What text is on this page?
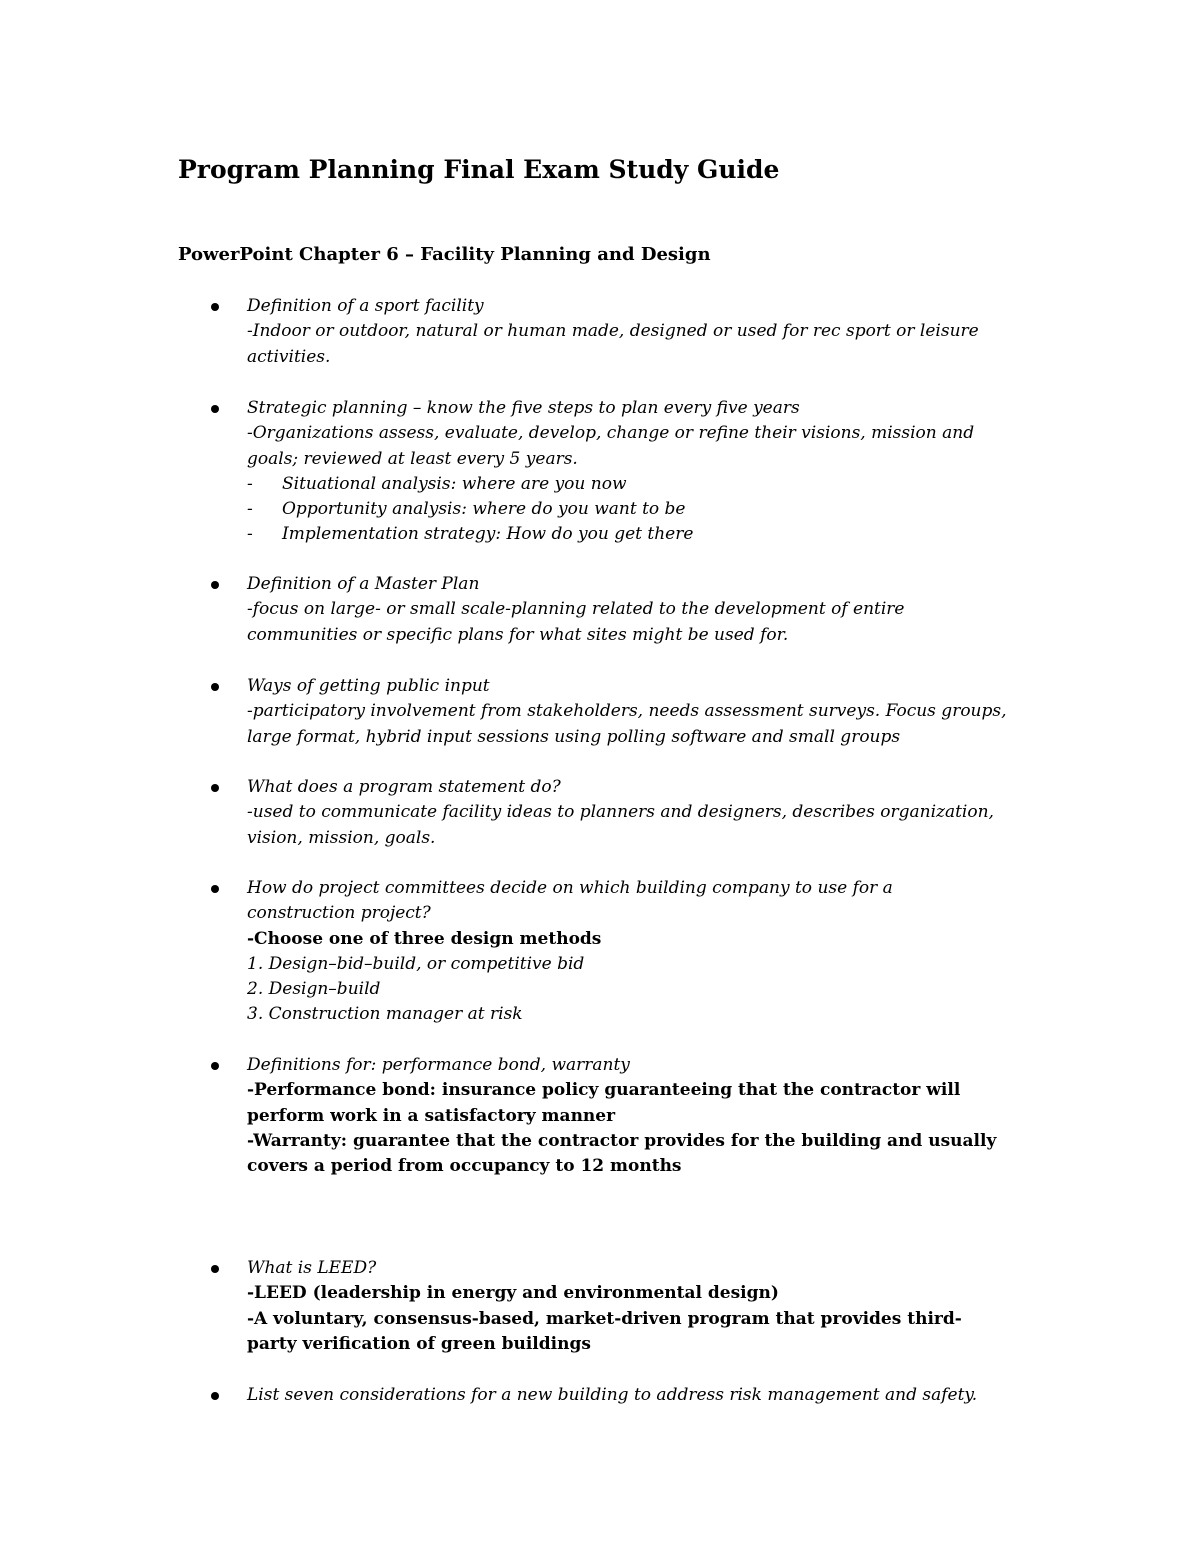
Program Planning Final Exam Study Guide
PowerPoint Chapter 6 – Facility Planning and Design
Definition of a sport facility
-Indoor or outdoor, natural or human made, designed or used for rec sport or leisure
activities.
Strategic planning – know the five steps to plan every five years
-Organizations assess, evaluate, develop, change or refine their visions, mission and
goals; reviewed at least every 5 years.
- Situational analysis: where are you now
- Opportunity analysis: where do you want to be
- Implementation strategy: How do you get there
Definition of a Master Plan
-focus on large- or small scale-planning related to the development of entire
communities or specific plans for what sites might be used for.
Ways of getting public input
-participatory involvement from stakeholders, needs assessment surveys. Focus groups,
large format, hybrid input sessions using polling software and small groups
What does a program statement do?
-used to communicate facility ideas to planners and designers, describes organization,
vision, mission, goals.
How do project committees decide on which building company to use for a
construction project?
-Choose one of three design methods
1. Design–bid–build, or competitive bid
2. Design–build
3. Construction manager at risk
Definitions for: performance bond, warranty
-Performance bond: insurance policy guaranteeing that the contractor will
perform work in a satisfactory manner
-Warranty: guarantee that the contractor provides for the building and usually
covers a period from occupancy to 12 months
What is LEED?
-LEED (leadership in energy and environmental design)
-A voluntary, consensus-based, market-driven program that provides third-
party verification of green buildings
List seven considerations for a new building to address risk management and safety.
